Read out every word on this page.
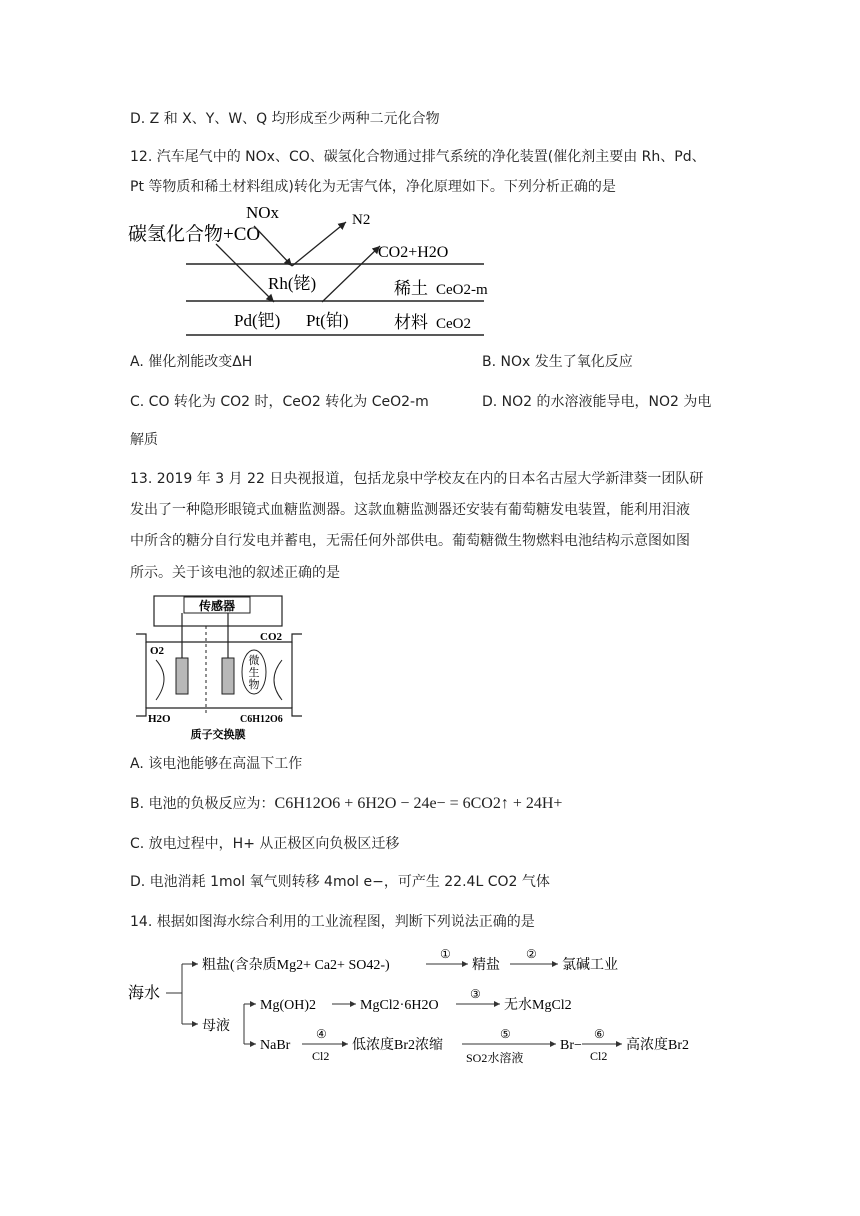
D. Z 和 X、Y、W、Q 均形成至少两种二元化合物
12. 汽车尾气中的 NOx、CO、碳氢化合物通过排气系统的净化装置(催化剂主要由 Rh、Pd、
Pt 等物质和稀土材料组成)转化为无害气体，净化原理如下。下列分析正确的是
碳氢化合物+CO
NOx	N2
CO2+H2O
Rh(铑)
Pd(钯) Pt(铂)
稀土 CeO2-m
材料 CeO2
A. 催化剂能改变ΔH	B. NOx 发生了氧化反应
C. CO 转化为 CO2 时，CeO2 转化为 CeO2-m	D. NO2 的水溶液能导电，NO2 为电
解质
13. 2019 年 3 月 22 日央视报道，包括龙泉中学校友在内的日本名古屋大学新津葵一团队研
发出了一种隐形眼镜式血糖监测器。这款血糖监测器还安装有葡萄糖发电装置，能利用泪液
中所含的糖分自行发电并蓄电，无需任何外部供电。葡萄糖微生物燃料电池结构示意图如图
所示。关于该电池的叙述正确的是
传感器
微
生
物
O2
H2O
CO2
C6H12O6
质子交换膜
A. 该电池能够在高温下工作
B. 电池的负极反应为：C6H12O6 + 6H2O − 24e− = 6CO2↑ + 24H+
C. 放电过程中，H+ 从正极区向负极区迁移
D. 电池消耗 1mol 氧气则转移 4mol e−，可产生 22.4L CO2 气体
14. 根据如图海水综合利用的工业流程图，判断下列说法正确的是
海水
粗盐(含杂质Mg2+ Ca2+ SO42-)
①
精盐
②
氯碱工业
母液
Mg(OH)2	MgCl2·6H2O
③
无水MgCl2
NaBr
④
Cl2
低浓度Br2浓缩
⑤
SO2水溶液
Br−
⑥
Cl2
高浓度Br2
